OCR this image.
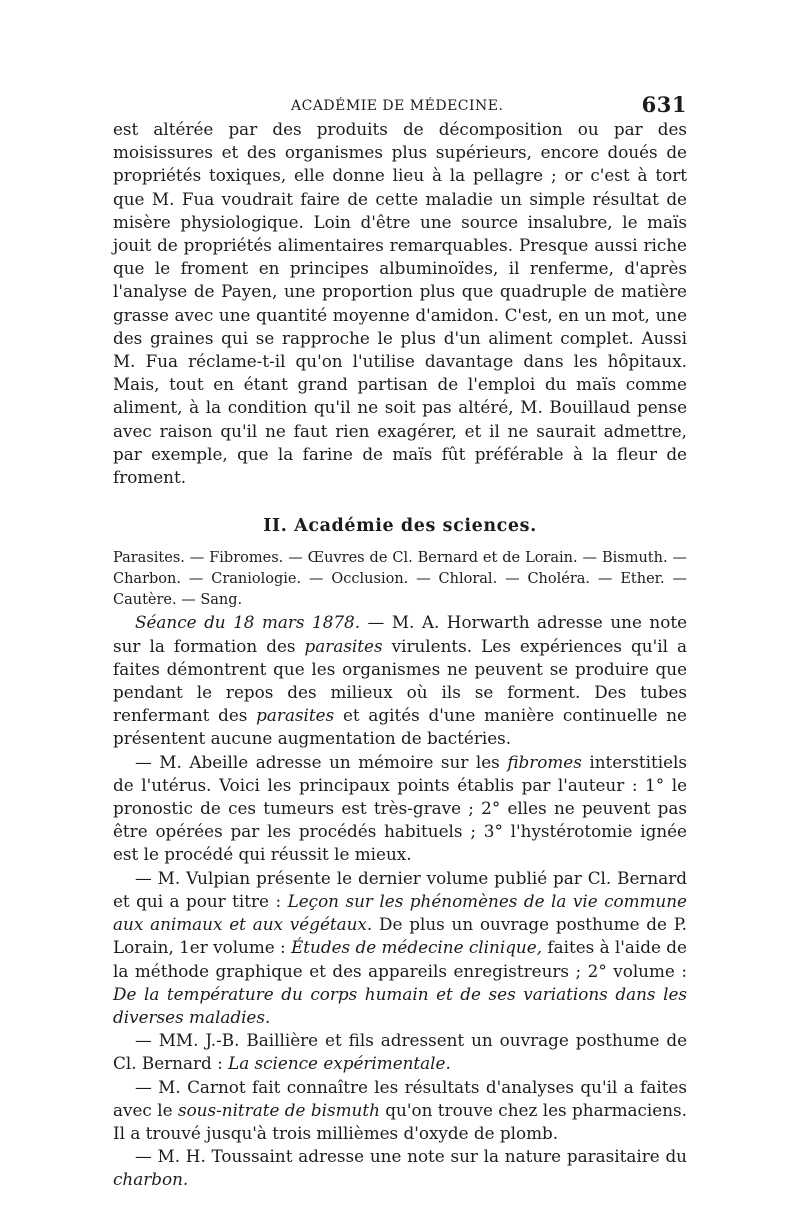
ACADÉMIE DE MÉDECINE.	631

est altérée par des produits de décomposition ou par des moisissures et des organismes plus supérieurs, encore doués de propriétés toxiques, elle donne lieu à la pellagre ; or c'est à tort que M. Fua voudrait faire de cette maladie un simple résultat de misère physiologique. Loin d'être une source insalubre, le maïs jouit de propriétés alimentaires remarquables. Presque aussi riche que le froment en principes albuminoïdes, il renferme, d'après l'analyse de Payen, une proportion plus que quadruple de matière grasse avec une quantité moyenne d'amidon. C'est, en un mot, une des graines qui se rapproche le plus d'un aliment complet. Aussi M. Fua réclame-t-il qu'on l'utilise davantage dans les hôpitaux. Mais, tout en étant grand partisan de l'emploi du maïs comme aliment, à la condition qu'il ne soit pas altéré, M. Bouillaud pense avec raison qu'il ne faut rien exagérer, et il ne saurait admettre, par exemple, que la farine de maïs fût préférable à la fleur de froment.

II. Académie des sciences.

Parasites. — Fibromes. — Œuvres de Cl. Bernard et de Lorain. — Bismuth. — Charbon. — Craniologie. — Occlusion. — Chloral. — Choléra. — Ether. — Cautère. — Sang.

Séance du 18 mars 1878. — M. A. Horwarth adresse une note sur la formation des parasites virulents. Les expériences qu'il a faites démontrent que les organismes ne peuvent se produire que pendant le repos des milieux où ils se forment. Des tubes renfermant des parasites et agités d'une manière continuelle ne présentent aucune augmentation de bactéries.

— M. Abeille adresse un mémoire sur les fibromes interstitiels de l'utérus. Voici les principaux points établis par l'auteur : 1° le pronostic de ces tumeurs est très-grave ; 2° elles ne peuvent pas être opérées par les procédés habituels ; 3° l'hystérotomie ignée est le procédé qui réussit le mieux.

— M. Vulpian présente le dernier volume publié par Cl. Bernard et qui a pour titre : Leçon sur les phénomènes de la vie commune aux animaux et aux végétaux. De plus un ouvrage posthume de P. Lorain, 1er volume : Études de médecine clinique, faites à l'aide de la méthode graphique et des appareils enregistreurs ; 2° volume : De la température du corps humain et de ses variations dans les diverses maladies.

— MM. J.-B. Baillière et fils adressent un ouvrage posthume de Cl. Bernard : La science expérimentale.

— M. Carnot fait connaître les résultats d'analyses qu'il a faites avec le sous-nitrate de bismuth qu'on trouve chez les pharmaciens. Il a trouvé jusqu'à trois millièmes d'oxyde de plomb.

— M. H. Toussaint adresse une note sur la nature parasitaire du charbon.
